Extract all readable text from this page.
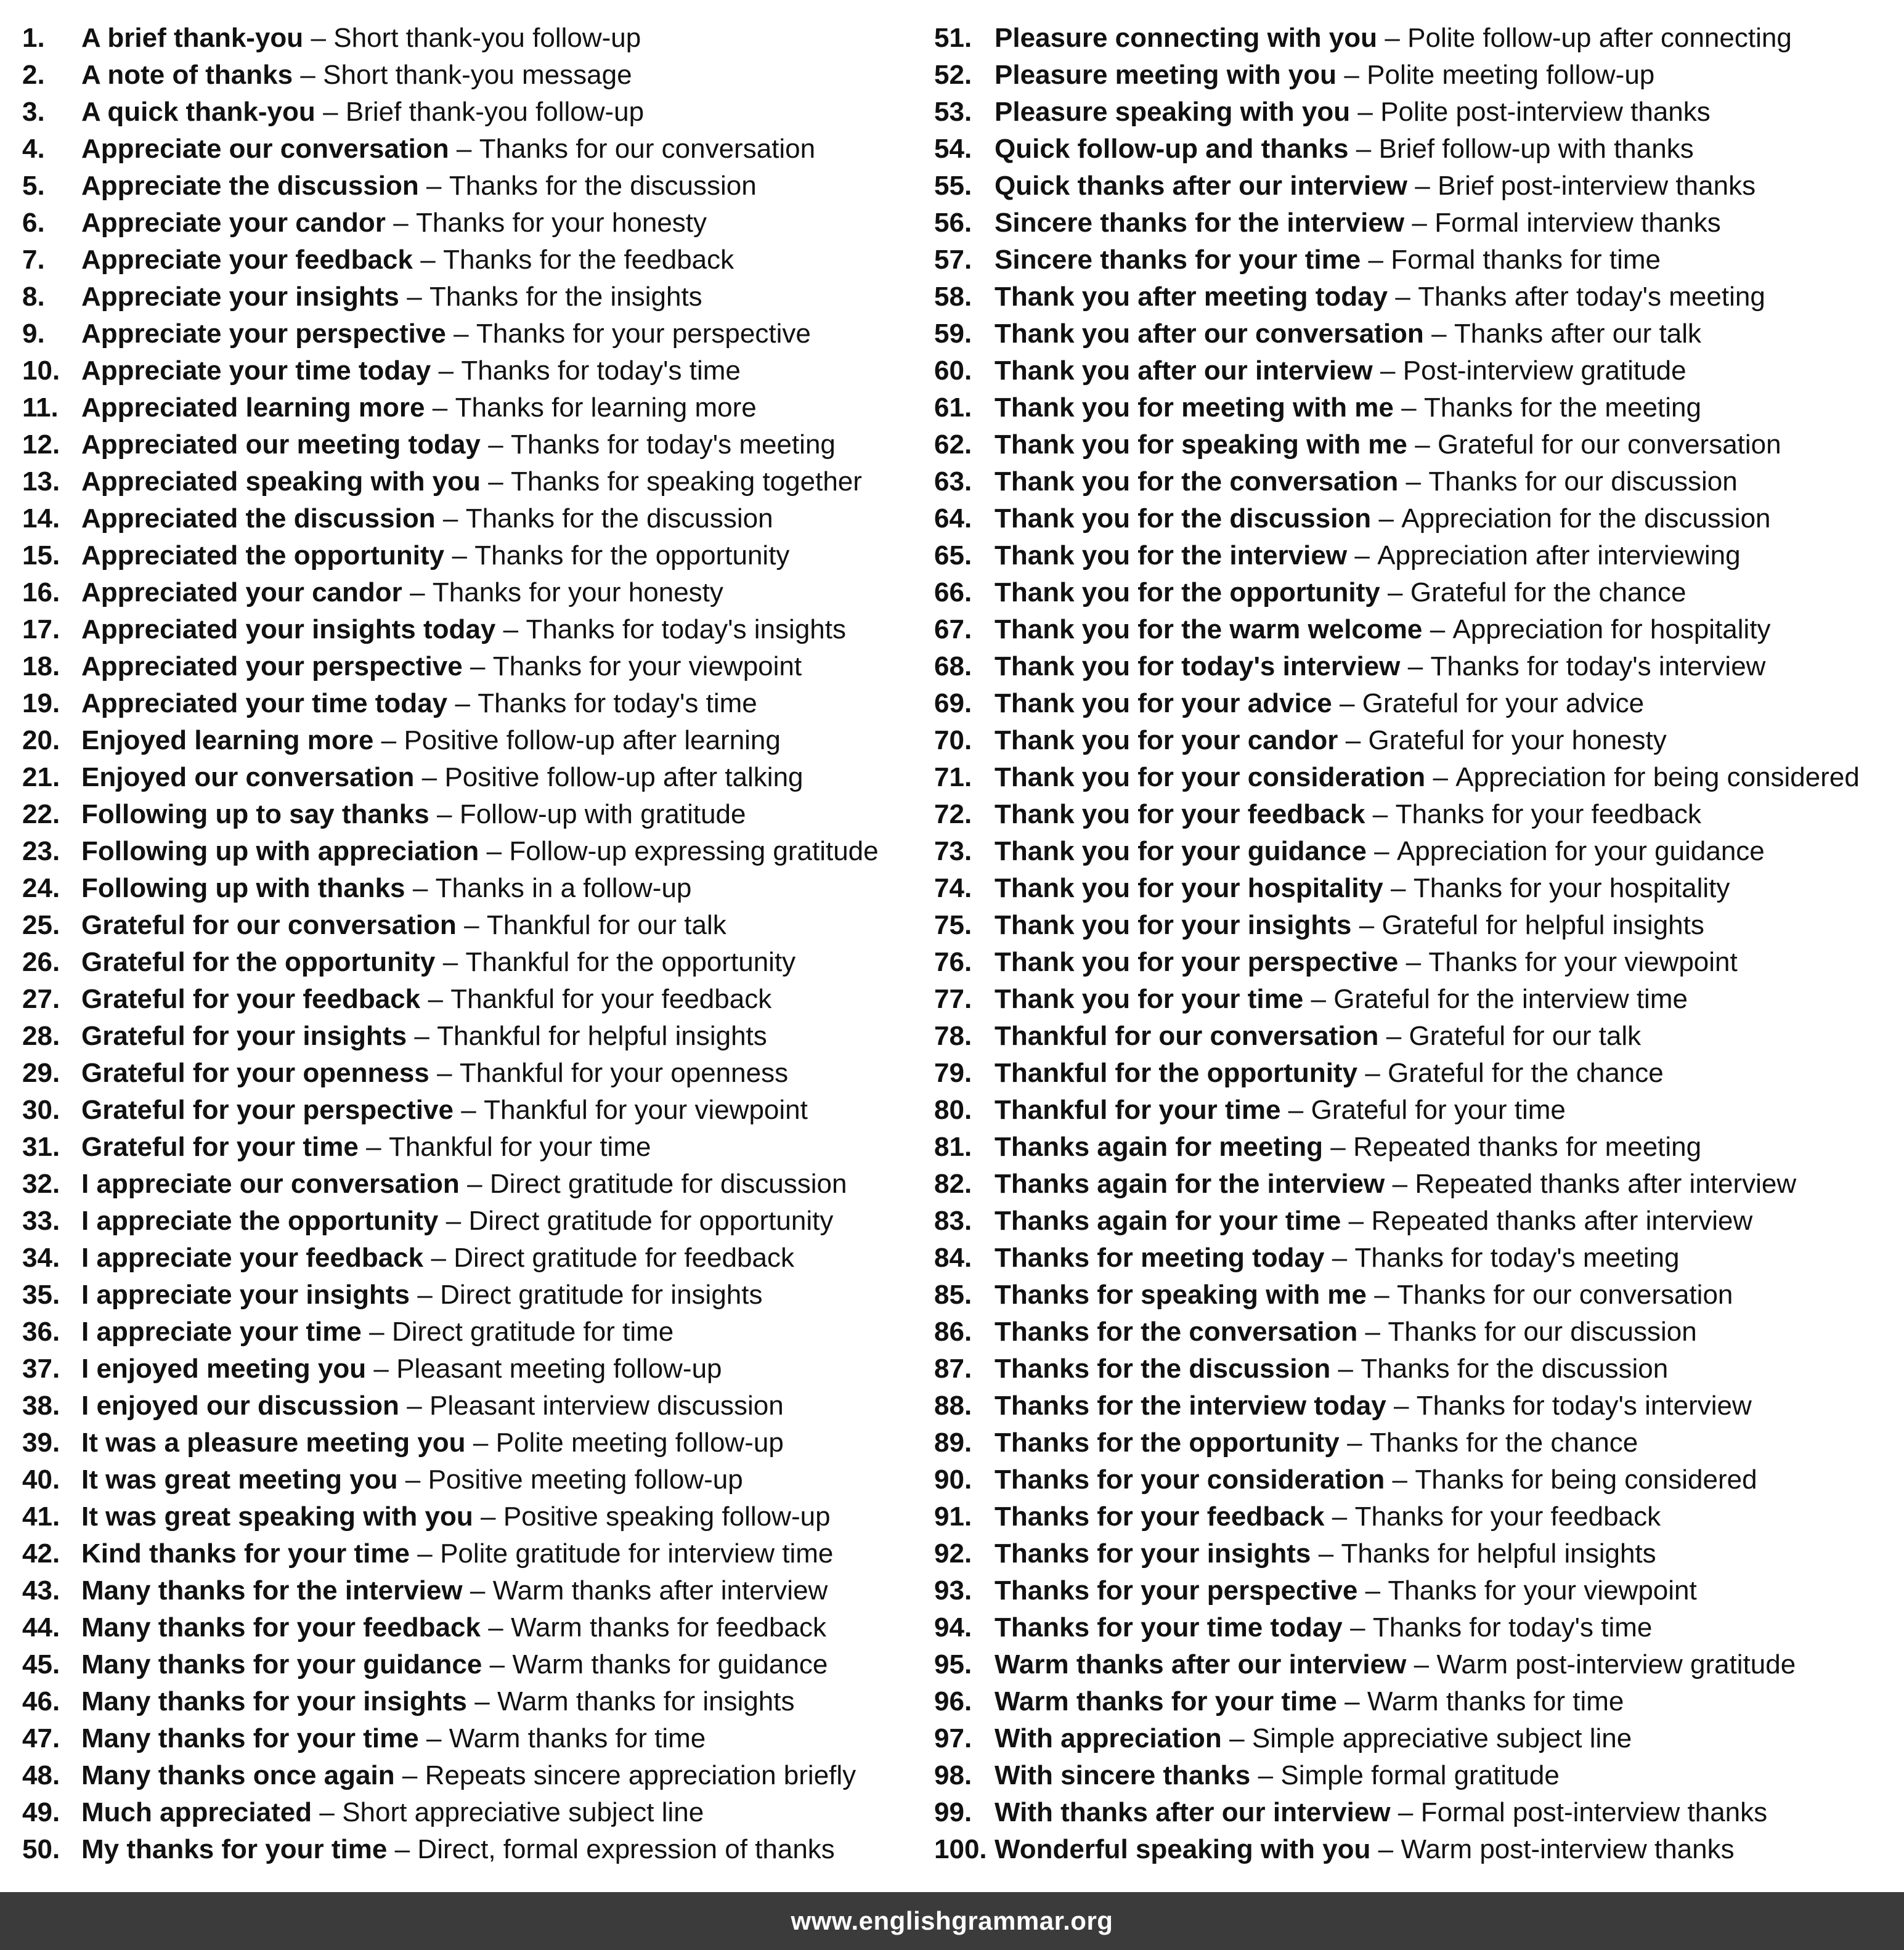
1.	A brief thank-you – Short thank-you follow-up
2.	A note of thanks – Short thank-you message
3.	A quick thank-you – Brief thank-you follow-up
4.	Appreciate our conversation – Thanks for our conversation
5.	Appreciate the discussion – Thanks for the discussion
6.	Appreciate your candor – Thanks for your honesty
7.	Appreciate your feedback – Thanks for the feedback
8.	Appreciate your insights – Thanks for the insights
9.	Appreciate your perspective – Thanks for your perspective
10. Appreciate your time today – Thanks for today's time
11. Appreciated learning more – Thanks for learning more
12. Appreciated our meeting today – Thanks for today's meeting
13. Appreciated speaking with you – Thanks for speaking together
14. Appreciated the discussion – Thanks for the discussion
15. Appreciated the opportunity – Thanks for the opportunity
16. Appreciated your candor – Thanks for your honesty
17. Appreciated your insights today – Thanks for today's insights
18. Appreciated your perspective – Thanks for your viewpoint
19. Appreciated your time today – Thanks for today's time
20. Enjoyed learning more – Positive follow-up after learning
21. Enjoyed our conversation – Positive follow-up after talking
22. Following up to say thanks – Follow-up with gratitude
23. Following up with appreciation – Follow-up expressing gratitude
24. Following up with thanks – Thanks in a follow-up
25. Grateful for our conversation – Thankful for our talk
26. Grateful for the opportunity – Thankful for the opportunity
27. Grateful for your feedback – Thankful for your feedback
28. Grateful for your insights – Thankful for helpful insights
29. Grateful for your openness – Thankful for your openness
30. Grateful for your perspective – Thankful for your viewpoint
31. Grateful for your time – Thankful for your time
32. I appreciate our conversation – Direct gratitude for discussion
33. I appreciate the opportunity – Direct gratitude for opportunity
34. I appreciate your feedback – Direct gratitude for feedback
35. I appreciate your insights – Direct gratitude for insights
36. I appreciate your time – Direct gratitude for time
37. I enjoyed meeting you – Pleasant meeting follow-up
38. I enjoyed our discussion – Pleasant interview discussion
39. It was a pleasure meeting you – Polite meeting follow-up
40. It was great meeting you – Positive meeting follow-up
41. It was great speaking with you – Positive speaking follow-up
42. Kind thanks for your time – Polite gratitude for interview time
43. Many thanks for the interview – Warm thanks after interview
44. Many thanks for your feedback – Warm thanks for feedback
45. Many thanks for your guidance – Warm thanks for guidance
46. Many thanks for your insights – Warm thanks for insights
47. Many thanks for your time – Warm thanks for time
48. Many thanks once again – Repeats sincere appreciation briefly
49. Much appreciated – Short appreciative subject line
50. My thanks for your time – Direct, formal expression of thanks
51. Pleasure connecting with you – Polite follow-up after connecting
52. Pleasure meeting with you – Polite meeting follow-up
53. Pleasure speaking with you – Polite post-interview thanks
54. Quick follow-up and thanks – Brief follow-up with thanks
55. Quick thanks after our interview – Brief post-interview thanks
56. Sincere thanks for the interview – Formal interview thanks
57. Sincere thanks for your time – Formal thanks for time
58. Thank you after meeting today – Thanks after today's meeting
59. Thank you after our conversation – Thanks after our talk
60. Thank you after our interview – Post-interview gratitude
61. Thank you for meeting with me – Thanks for the meeting
62. Thank you for speaking with me – Grateful for our conversation
63. Thank you for the conversation – Thanks for our discussion
64. Thank you for the discussion – Appreciation for the discussion
65. Thank you for the interview – Appreciation after interviewing
66. Thank you for the opportunity – Grateful for the chance
67. Thank you for the warm welcome – Appreciation for hospitality
68. Thank you for today's interview – Thanks for today's interview
69. Thank you for your advice – Grateful for your advice
70. Thank you for your candor – Grateful for your honesty
71. Thank you for your consideration – Appreciation for being considered
72. Thank you for your feedback – Thanks for your feedback
73. Thank you for your guidance – Appreciation for your guidance
74. Thank you for your hospitality – Thanks for your hospitality
75. Thank you for your insights – Grateful for helpful insights
76. Thank you for your perspective – Thanks for your viewpoint
77. Thank you for your time – Grateful for the interview time
78. Thankful for our conversation – Grateful for our talk
79. Thankful for the opportunity – Grateful for the chance
80. Thankful for your time – Grateful for your time
81. Thanks again for meeting – Repeated thanks for meeting
82. Thanks again for the interview – Repeated thanks after interview
83. Thanks again for your time – Repeated thanks after interview
84. Thanks for meeting today – Thanks for today's meeting
85. Thanks for speaking with me – Thanks for our conversation
86. Thanks for the conversation – Thanks for our discussion
87. Thanks for the discussion – Thanks for the discussion
88. Thanks for the interview today – Thanks for today's interview
89. Thanks for the opportunity – Thanks for the chance
90. Thanks for your consideration – Thanks for being considered
91. Thanks for your feedback – Thanks for your feedback
92. Thanks for your insights – Thanks for helpful insights
93. Thanks for your perspective – Thanks for your viewpoint
94. Thanks for your time today – Thanks for today's time
95. Warm thanks after our interview – Warm post-interview gratitude
96. Warm thanks for your time – Warm thanks for time
97. With appreciation – Simple appreciative subject line
98. With sincere thanks – Simple formal gratitude
99. With thanks after our interview – Formal post-interview thanks
100. Wonderful speaking with you – Warm post-interview thanks
www.englishgrammar.org
